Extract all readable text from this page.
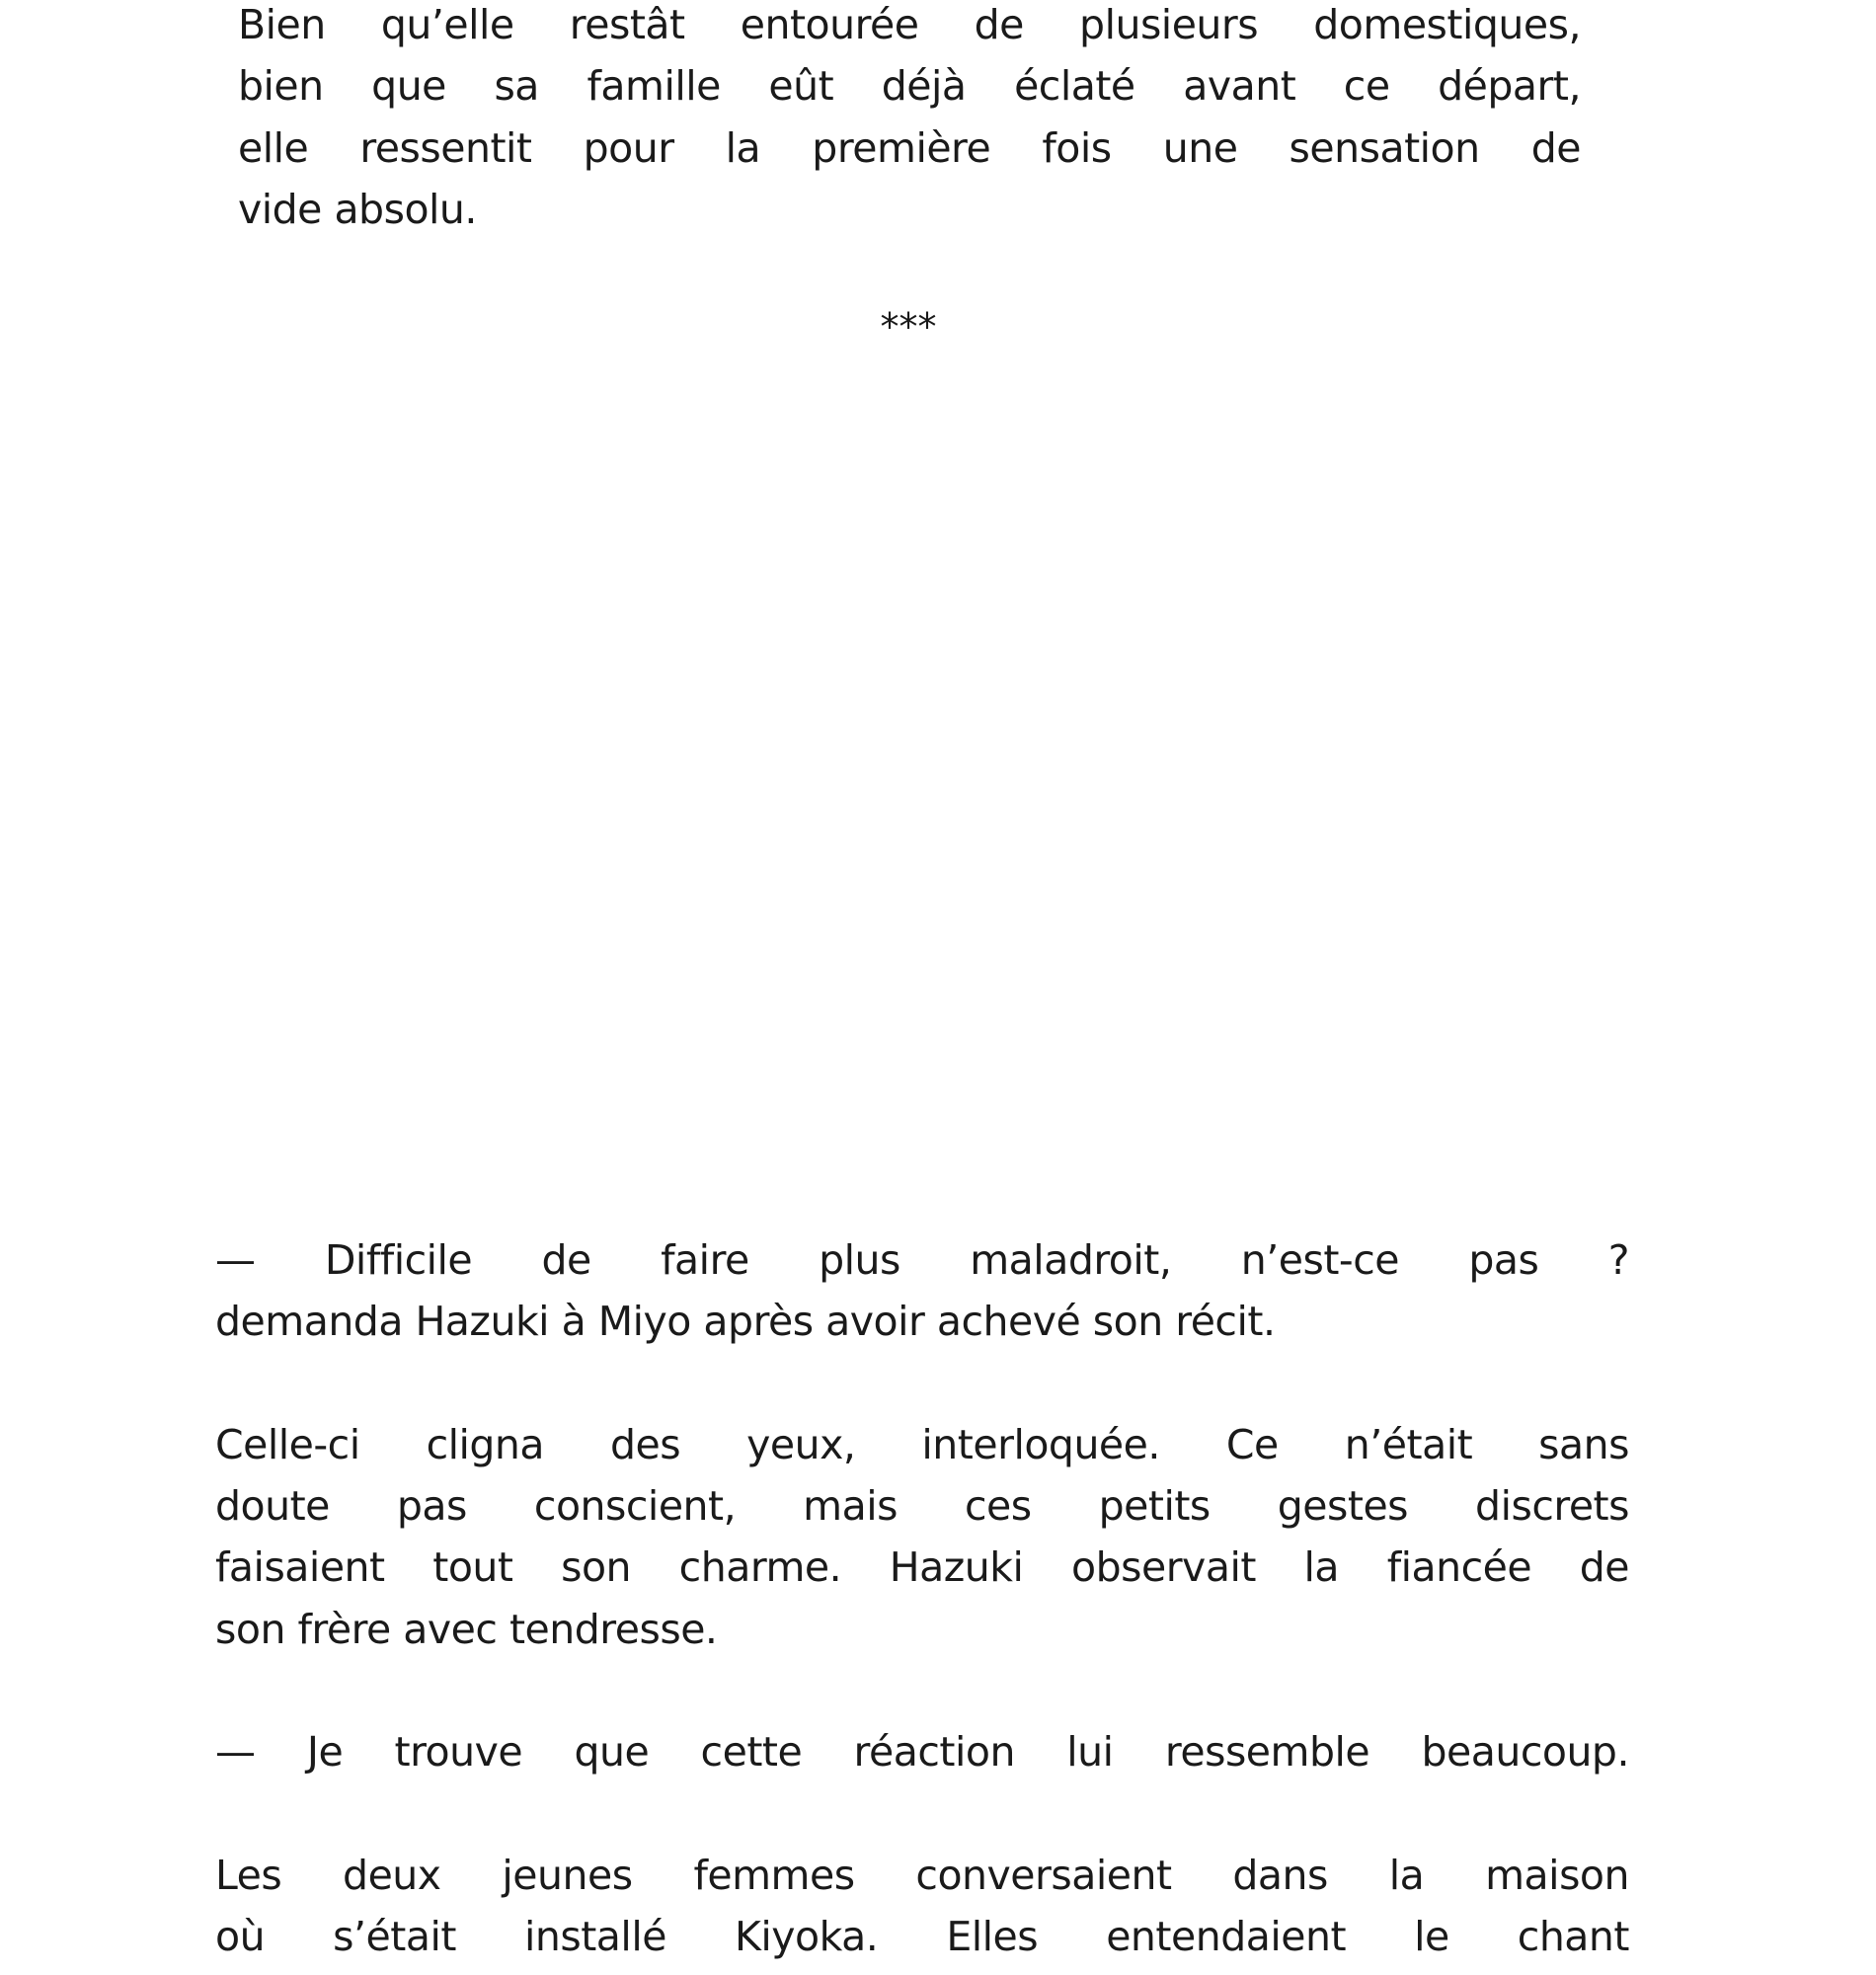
Bien qu’elle restât entourée de plusieurs domestiques,
bien que sa famille eût déjà éclaté avant ce départ,
elle ressentit pour la première fois une sensation de
vide absolu.
***
— Difficile de faire plus maladroit, n’est-ce pas ?
demanda Hazuki à Miyo après avoir achevé son récit.
Celle-ci cligna des yeux, interloquée. Ce n’était sans
doute pas conscient, mais ces petits gestes discrets
faisaient tout son charme. Hazuki observait la fiancée de
son frère avec tendresse.
— Je trouve que cette réaction lui ressemble beaucoup.
Les deux jeunes femmes conversaient dans la maison
où s’était installé Kiyoka. Elles entendaient le chant
